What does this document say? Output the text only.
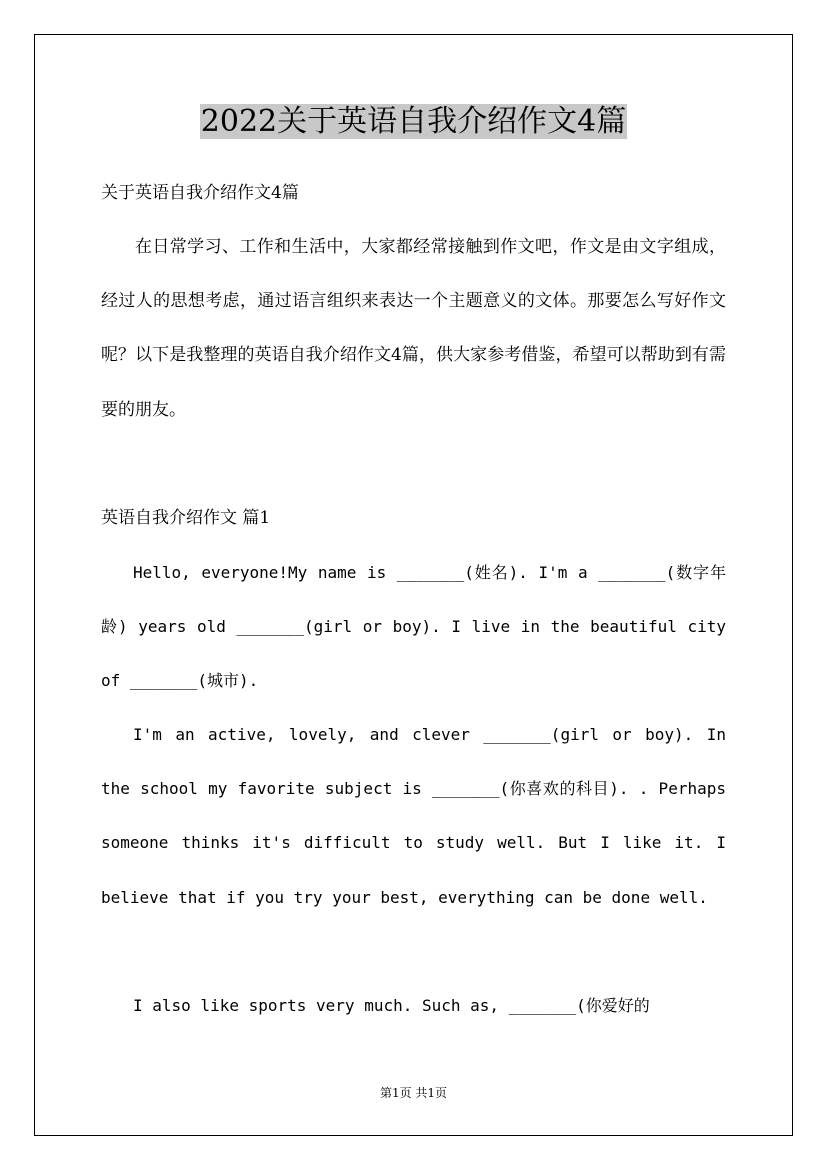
2022关于英语自我介绍作文4篇

关于英语自我介绍作文4篇

在日常学习、工作和生活中，大家都经常接触到作文吧，作文是由文字组成，经过人的思想考虑，通过语言组织来表达一个主题意义的文体。那要怎么写好作文呢？以下是我整理的英语自我介绍作文4篇，供大家参考借鉴，希望可以帮助到有需要的朋友。

英语自我介绍作文 篇1

Hello, everyone!My name is _______(姓名). I'm a _______(数字年龄) years old _______(girl or boy). I live in the beautiful city of _______(城市).

I'm an active, lovely, and clever _______(girl or boy). In the school my favorite subject is _______(你喜欢的科目). . Perhaps someone thinks it's difficult to study well. But I like it. I believe that if you try your best, everything can be done well.

I also like sports very much. Such as, _______(你爱好的

第1页 共1页
